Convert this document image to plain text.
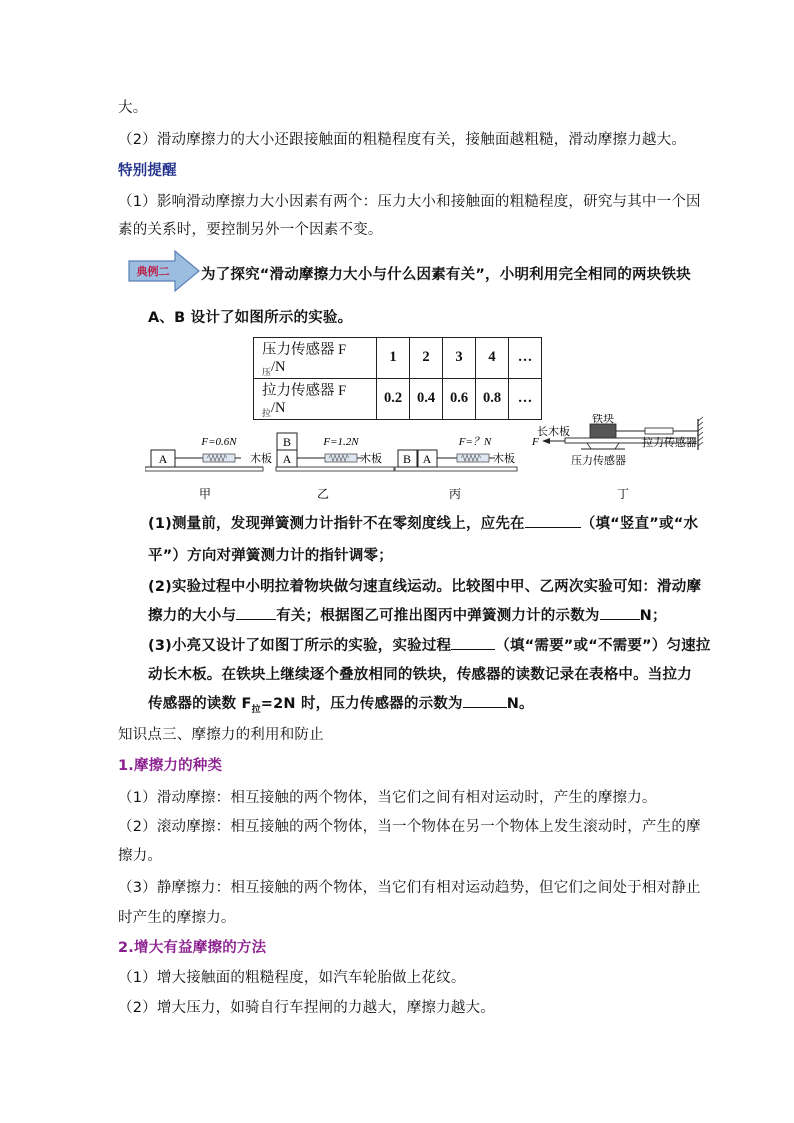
大。
（2）滑动摩擦力的大小还跟接触面的粗糙程度有关，接触面越粗糙，滑动摩擦力越大。
特别提醒
（1）影响滑动摩擦力大小因素有两个：压力大小和接触面的粗糙程度，研究与其中一个因
素的关系时，要控制另外一个因素不变。
典例二 为了探究“滑动摩擦力大小与什么因素有关”，小明利用完全相同的两块铁块
A、B 设计了如图所示的实验。
压力传感器 $F_压/N$	1	2	3	4	…
拉力传感器 $F_拉/N$	0.2	0.4	0.6	0.8	…
A
F=0.6N
木板
甲
A
B	F=1.2N
木板
乙
B A
F=？N
木板
丙
F
长木板
铁块
拉力传感器
压力传感器
丁
(1)测量前，发现弹簧测力计指针不在零刻度线上，应先在	（填“竖直”或“水
平”）方向对弹簧测力计的指针调零；
(2)实验过程中小明拉着物块做匀速直线运动。比较图中甲、乙两次实验可知：滑动摩
擦力的大小与	有关；根据图乙可推出图丙中弹簧测力计的示数为	N；
(3)小亮又设计了如图丁所示的实验，实验过程	（填“需要”或“不需要”）匀速拉
动长木板。在铁块上继续逐个叠放相同的铁块，传感器的读数记录在表格中。当拉力
传感器的读数 $F_拉=2N$ 时，压力传感器的示数为	N。
知识点三、摩擦力的利用和防止
1.摩擦力的种类
（1）滑动摩擦：相互接触的两个物体，当它们之间有相对运动时，产生的摩擦力。
（2）滚动摩擦：相互接触的两个物体，当一个物体在另一个物体上发生滚动时，产生的摩
擦力。
（3）静摩擦力：相互接触的两个物体，当它们有相对运动趋势，但它们之间处于相对静止
时产生的摩擦力。
2.增大有益摩擦的方法
（1）增大接触面的粗糙程度，如汽车轮胎做上花纹。
（2）增大压力，如骑自行车捏闸的力越大，摩擦力越大。
